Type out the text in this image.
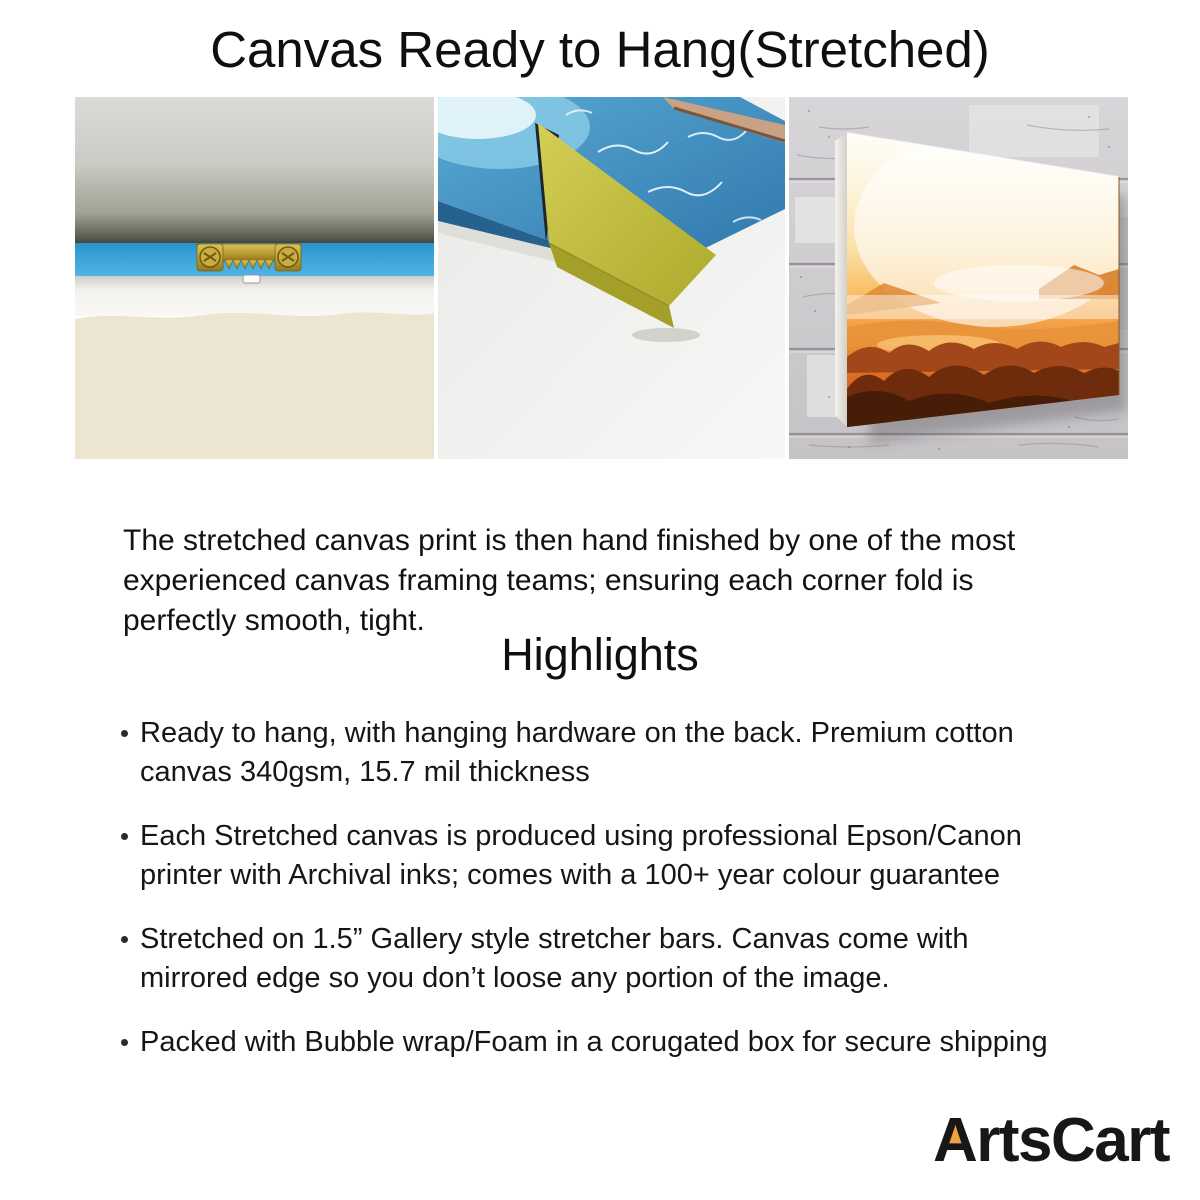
Canvas Ready to Hang(Stretched)

The stretched canvas print is then hand finished by one of the most experienced canvas framing teams; ensuring each corner fold is perfectly smooth, tight.

Highlights
Ready to hang, with hanging hardware on the back. Premium cotton canvas 340gsm, 15.7 mil thickness
Each Stretched canvas is produced using professional Epson/Canon printer with Archival inks; comes with a 100+ year colour guarantee
Stretched on 1.5” Gallery style stretcher bars. Canvas come with mirrored edge so you don’t loose any portion of the image.
Packed with Bubble wrap/Foam in a corugated box for secure shipping
ArtsCart
